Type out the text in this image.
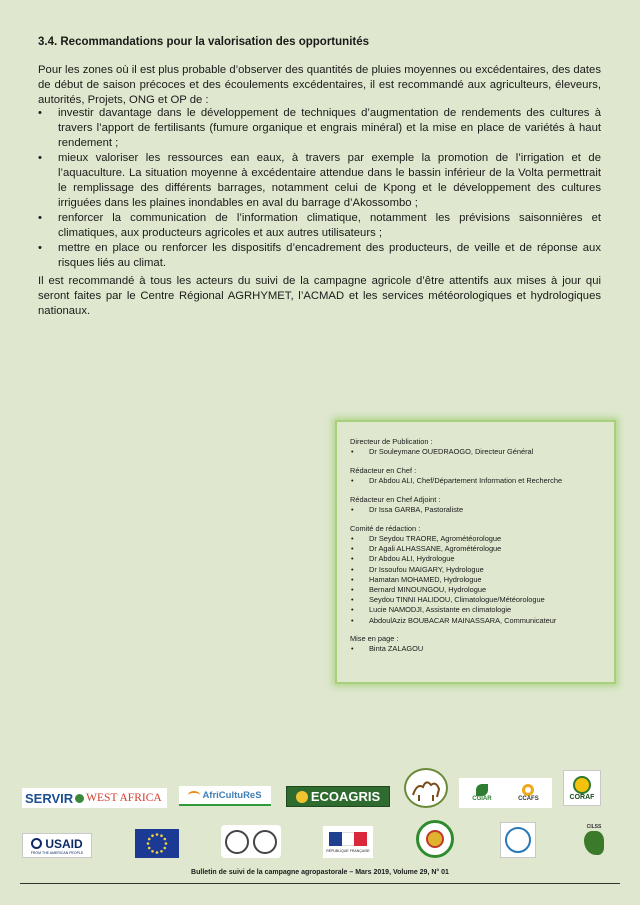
3.4. Recommandations pour la valorisation des opportunités

Pour les zones où il est plus probable d’observer des quantités de pluies moyennes ou excédentaires, des dates de début de saison précoces et des écoulements excédentaires, il est recommandé aux agriculteurs, éleveurs, autorités, Projets, ONG et OP de :

• investir davantage dans le développement de techniques d’augmentation de rendements des cultures à travers l’apport de fertilisants (fumure organique et engrais minéral) et la mise en place de variétés à haut rendement ;
• mieux valoriser les ressources ean eaux, à travers par exemple la promotion de l’irrigation et de l’aquaculture. La situation moyenne à excédentaire attendue dans le bassin inférieur de la Volta permettrait le remplissage des différents barrages, notamment celui de Kpong et le développement des cultures irriguées dans les plaines inondables en aval du barrage d’Akossombo ;
• renforcer la communication de l’information climatique, notamment les prévisions saisonnières et climatiques, aux producteurs agricoles et aux autres utilisateurs ;
• mettre en place ou renforcer les dispositifs d’encadrement des producteurs, de veille et de réponse aux risques liés au climat.

Il est recommandé à tous les acteurs du suivi de la campagne agricole d’être attentifs aux mises à jour qui seront faites par le Centre Régional AGRHYMET, l’ACMAD et les services météorologiques et hydrologiques nationaux.

Directeur de Publication :

• Dr Souleymane OUEDRAOGO, Directeur Général

Rédacteur en Chef :

• Dr Abdou ALI, Chef/Département Information et Recherche

Rédacteur en Chef Adjoint :

• Dr Issa GARBA, Pastoraliste

Comité de rédaction :

• Dr Seydou TRAORE, Agrométéorologue
• Dr Agali ALHASSANE, Agrométérologue
• Dr Abdou ALI, Hydrologue
• Dr Issoufou MAIGARY, Hydrologue
• Hamatan MOHAMED, Hydrologue
• Bernard MINOUNGOU, Hydrologue
• Seydou TINNI HALIDOU, Climatologue/Météorologue
• Lucie NAMODJI, Assistante en climatologie
• AbdoulAziz BOUBACAR MAINASSARA, Communicateur

Mise en page :

• Binta ZALAGOU
SERVIR WEST AFRICA	AfriCultuReS	ECOAGRIS	CGIAR	CCAFS	CORAF
USAID
FROM THE AMERICAN PEOPLE	RÉPUBLIQUE FRANÇAISE
CILSS
Bulletin de suivi de la campagne agropastorale – Mars 2019, Volume 29, N° 01
